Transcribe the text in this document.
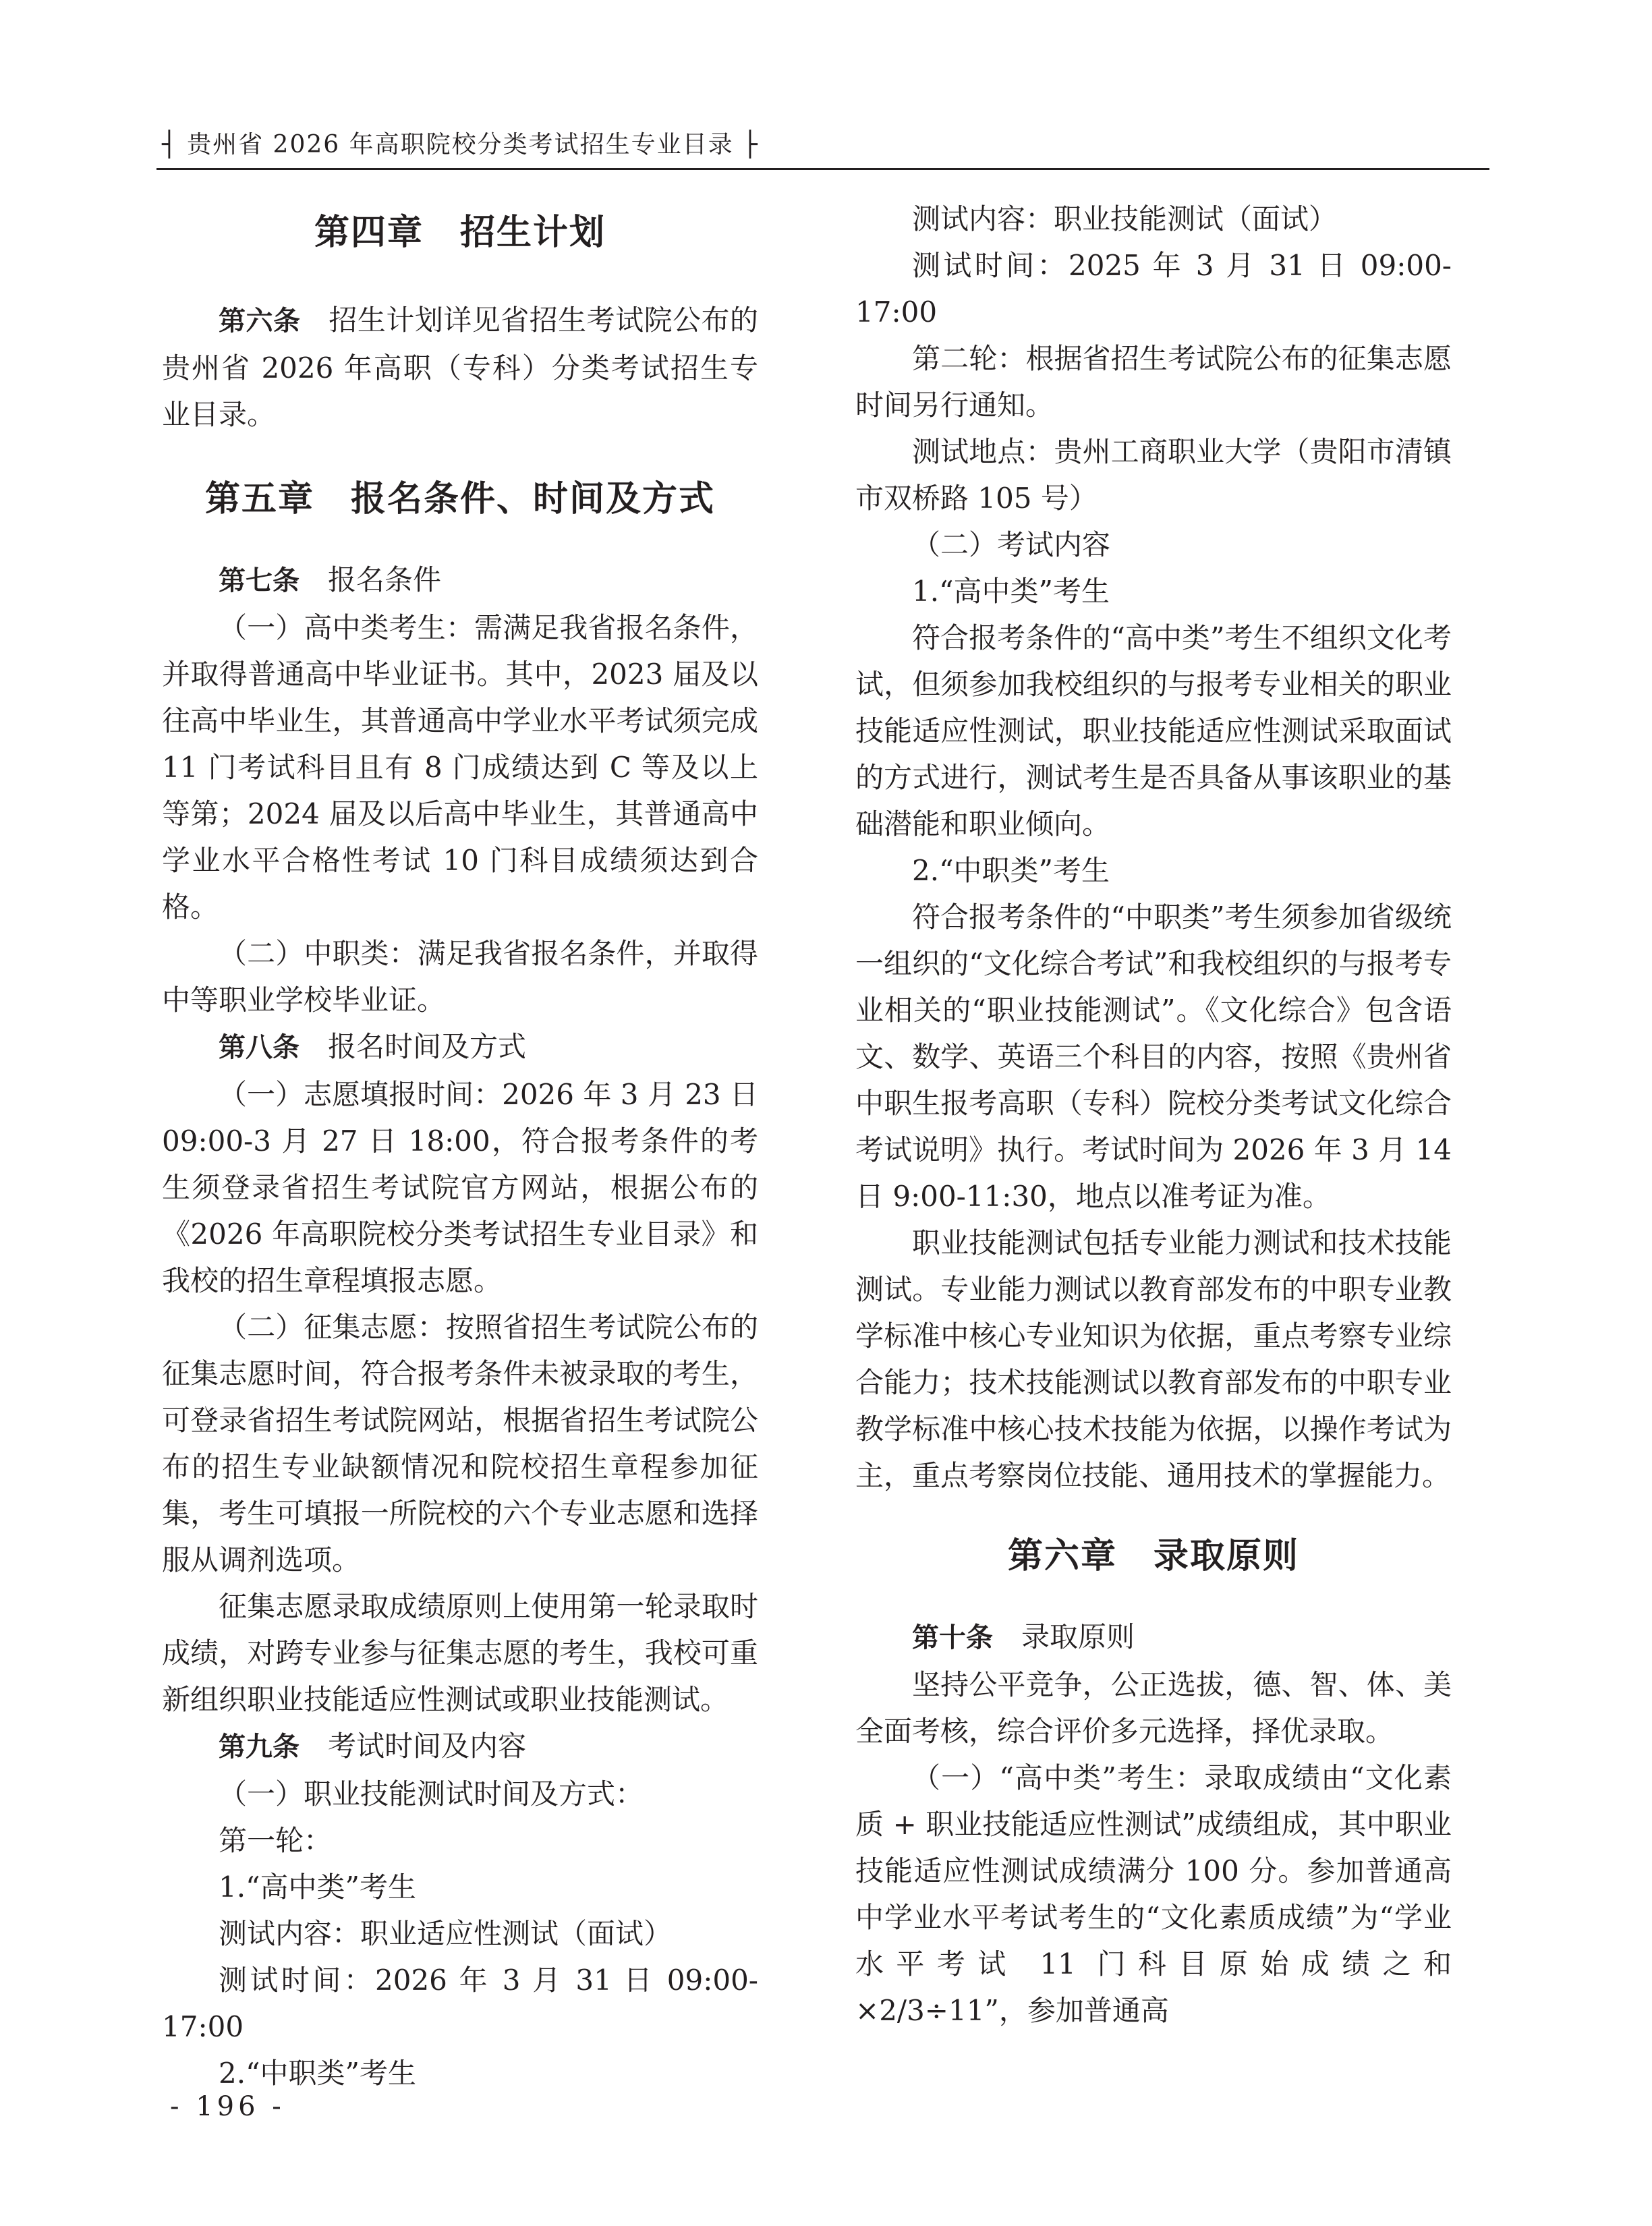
┤ 贵州省 2026 年高职院校分类考试招生专业目录 ├
第四章 招生计划

第六条 招生计划详见省招生考试院公布的贵州省 2026 年高职（专科）分类考试招生专业目录。

第五章 报名条件、时间及方式

第七条 报名条件

（一）高中类考生：需满足我省报名条件，并取得普通高中毕业证书。其中，2023 届及以往高中毕业生，其普通高中学业水平考试须完成 11 门考试科目且有 8 门成绩达到 C 等及以上等第；2024 届及以后高中毕业生，其普通高中学业水平合格性考试 10 门科目成绩须达到合格。

（二）中职类：满足我省报名条件，并取得中等职业学校毕业证。

第八条 报名时间及方式

（一）志愿填报时间：2026 年 3 月 23 日 09:00-3 月 27 日 18:00，符合报考条件的考生须登录省招生考试院官方网站，根据公布的《2026 年高职院校分类考试招生专业目录》和我校的招生章程填报志愿。

（二）征集志愿：按照省招生考试院公布的征集志愿时间，符合报考条件未被录取的考生，可登录省招生考试院网站，根据省招生考试院公布的招生专业缺额情况和院校招生章程参加征集，考生可填报一所院校的六个专业志愿和选择服从调剂选项。

征集志愿录取成绩原则上使用第一轮录取时成绩，对跨专业参与征集志愿的考生，我校可重新组织职业技能适应性测试或职业技能测试。

第九条 考试时间及内容

（一）职业技能测试时间及方式：

第一轮：

1.“高中类”考生

测试内容：职业适应性测试（面试）

测试时间：2026 年 3 月 31 日 09:00-17:00

2.“中职类”考生

测试内容：职业技能测试（面试）

测试时间：2025 年 3 月 31 日 09:00-17:00

第二轮：根据省招生考试院公布的征集志愿时间另行通知。

测试地点：贵州工商职业大学（贵阳市清镇市双桥路 105 号）

（二）考试内容

1.“高中类”考生

符合报考条件的“高中类”考生不组织文化考试，但须参加我校组织的与报考专业相关的职业技能适应性测试，职业技能适应性测试采取面试的方式进行，测试考生是否具备从事该职业的基础潜能和职业倾向。

2.“中职类”考生

符合报考条件的“中职类”考生须参加省级统一组织的“文化综合考试”和我校组织的与报考专业相关的“职业技能测试”。《文化综合》包含语文、数学、英语三个科目的内容，按照《贵州省中职生报考高职（专科）院校分类考试文化综合考试说明》执行。考试时间为 2026 年 3 月 14 日 9:00-11:30，地点以准考证为准。

职业技能测试包括专业能力测试和技术技能测试。专业能力测试以教育部发布的中职专业教学标准中核心专业知识为依据，重点考察专业综合能力；技术技能测试以教育部发布的中职专业教学标准中核心技术技能为依据，以操作考试为主，重点考察岗位技能、通用技术的掌握能力。

第六章 录取原则

第十条 录取原则

坚持公平竞争，公正选拔，德、智、体、美全面考核，综合评价多元选择，择优录取。

（一）“高中类”考生：录取成绩由“文化素质 + 职业技能适应性测试”成绩组成，其中职业技能适应性测试成绩满分 100 分。参加普通高中学业水平考试考生的“文化素质成绩”为“学业水平考试 11 门科目原始成绩之和 ×2/3÷11”，参加普通高

- 196 -
